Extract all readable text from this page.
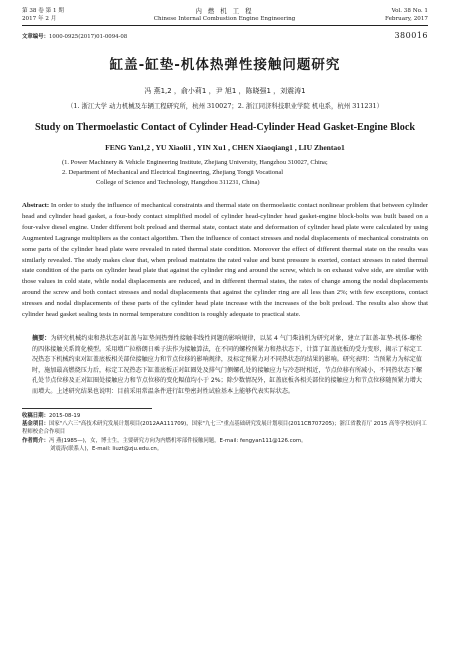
第 38 卷 第 1 期
2017 年 2 月
内 燃 机 工 程
Chinese Internal Combustion Engine Engineering
Vol. 38 No. 1
February, 2017
文章编号：1000-0925(2017)01-0094-08	380016
缸盖-缸垫-机体热弹性接触问题研究
冯 燕1,2 ，俞小莉1 ，尹 旭1 ，陈晓强1 ，刘震涛1
（1. 浙江大学 动力机械及车辆工程研究所，杭州 310027；2. 浙江同济科技职业学院 机电系，杭州 311231）
Study on Thermoelastic Contact of Cylinder Head-Cylinder Head Gasket-Engine Block
FENG Yan1,2 , YU Xiaoli1 , YIN Xu1 , CHEN Xiaoqiang1 , LIU Zhentao1
(1. Power Machinery & Vehicle Engineering Institute, Zhejiang University, Hangzhou 310027, China;
2. Department of Mechanical and Electrical Engineering, Zhejiang Tongji Vocational
College of Science and Technology, Hangzhou 311231, China)
Abstract: In order to study the influence of mechanical constraints and thermal state on thermoelastic contact nonlinear problem that between cylinder head and cylinder head gasket, a four-body contact simplified model of cylinder head-cylinder head gasket-engine block-bolts was built based on a four-valve diesel engine. Under different bolt preload and thermal state, contact state and deformation of cylinder head plate were calculated by using Augmented Lagrange multipliers as the contact algorithm. Then the influence of contact stresses and nodal displacements of mechanical constraints on some parts of the cylinder head plate were revealed in rated thermal state condition. Moreover the effect of different thermal state on the results was similarly revealed. The study makes clear that, when preload maintains the rated value and burst pressure is exerted, contact stresses in rated thermal state condition of the parts on cylinder head plate that against the cylinder ring and around the screw, which is on exhaust valve side, are similar with those values in cold state, while nodal displacements are reduced, and in different thermal states, the rates of change among the nodal displacements around the screw and both contact stresses and nodal displacements that against the cylinder ring are all less than 2%; with few exceptions, contact stresses and nodal displacements of these parts of the cylinder head plate increase with the increases of the bolt preload. The results also show that cylinder head gasket sealing tests in normal temperature condition is roughly adequate to practical state.
摘要：为研究机械约束和热状态对缸盖与缸垫间热弹性接触非线性问题的影响规律，以某 4 气门柴油机为研究对象，建立了缸盖-缸垫-机体-螺栓的四体接触关系简化模型。采用增广拉格朗日乘子法作为接触算法，在不同的螺栓预紧力和热状态下，计算了缸盖底板的受力变形，揭示了标定工况热态下机械约束对缸盖底板相关部位接触应力和节点位移的影响规律，及标定预紧力对不同热状态的结果的影响。研究表明：当预紧力为标定值时，施加最高燃烧压力后，标定工况热态下缸盖底板正对缸圈处及排气门侧螺孔处的接触应力与冷态时相近，节点位移有所减小，不同热状态下螺孔处节点位移及正对缸圈处接触应力和节点位移的变化幅值均小于 2%；除少数情况外，缸盖底板各相关部位的接触应力和节点位移随预紧力增大而增大。上述研究结果也说明：目前采用常温条件进行缸垫密封性试验基本上能够代表实际状态。
收稿日期：2015-08-19
基金项目：国家"八六三"高技术研究发展计划项目(2012AA111709)，国家"九七三"重点基础研究发展计划项目(2011CB707205)；浙江省教育厅 2015 高等学校访问工程师校企合作项目
作者简介：冯 燕(1985—)，女，博士生，主要研究方向为内燃机零部件接触问题，E-mail: fengyan111@126.com。
刘震涛(联系人)，E-mail: liuzt@zju.edu.cn。
